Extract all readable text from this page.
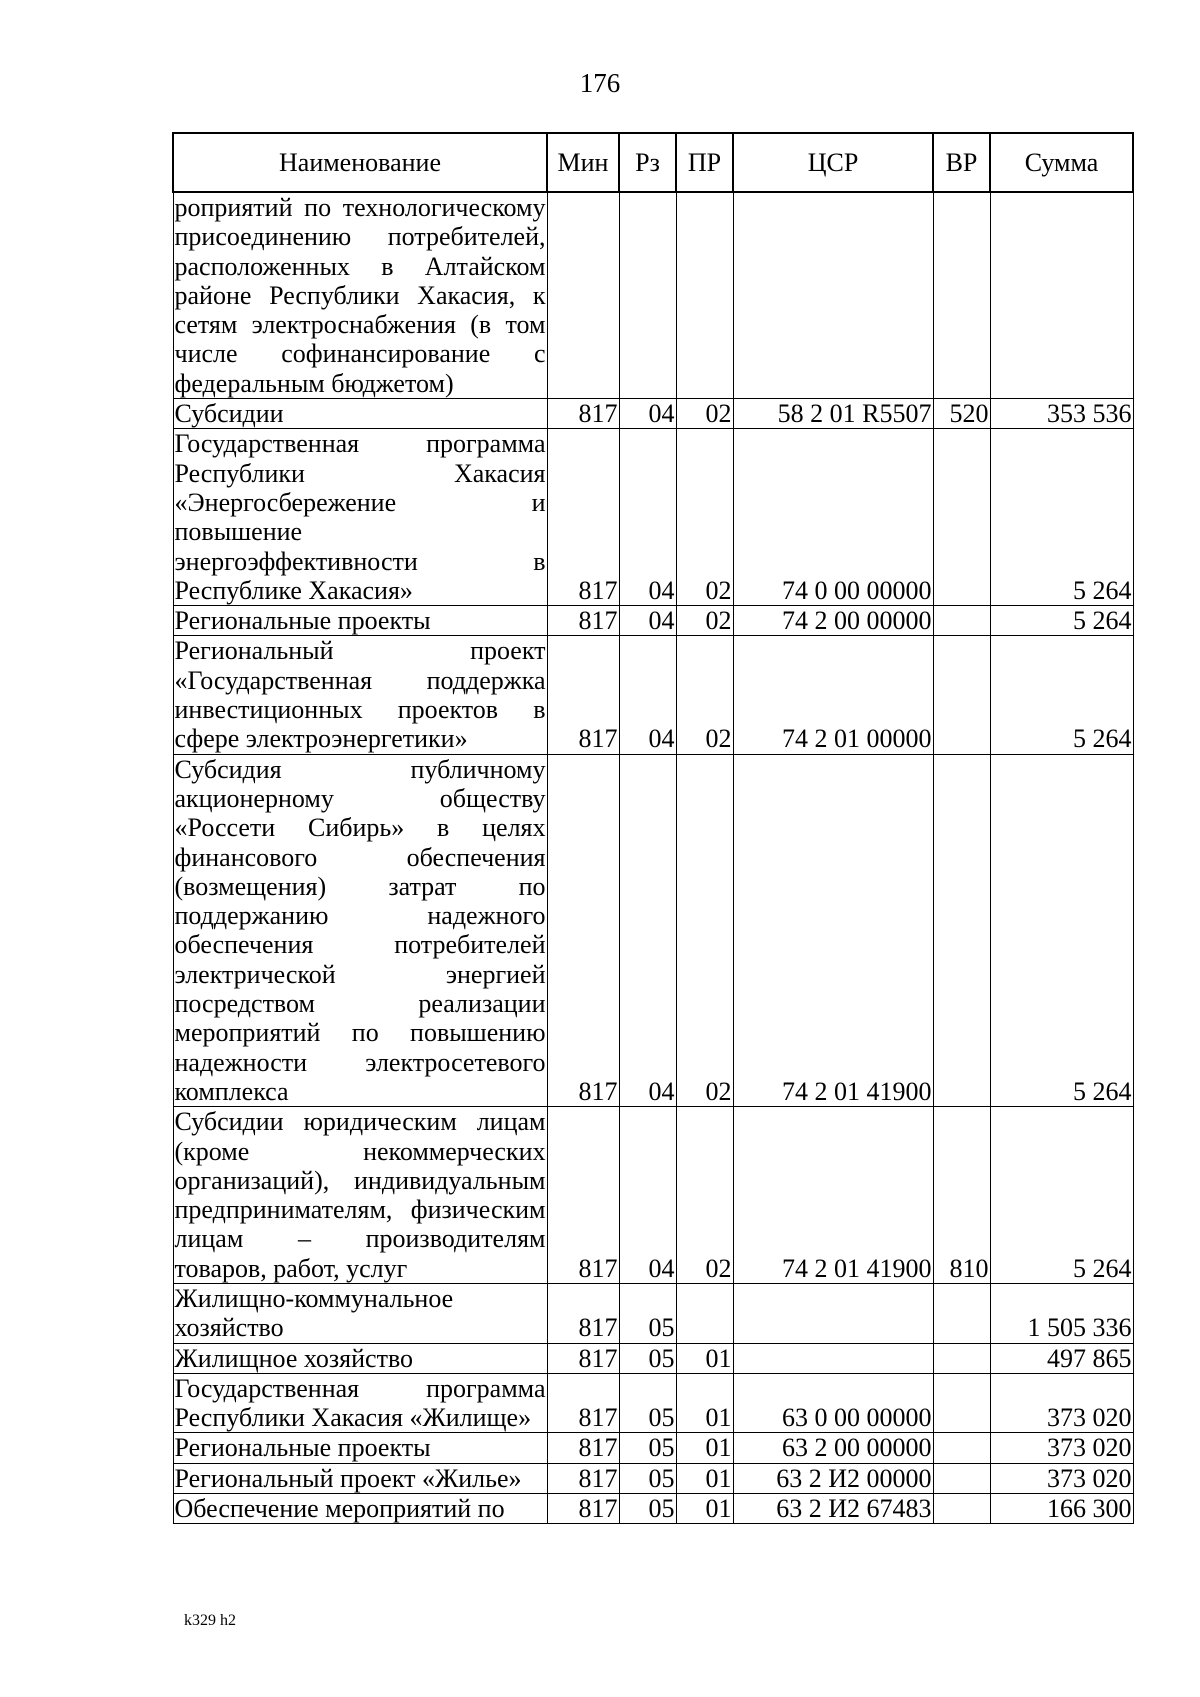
176
Наименование	Мин	Рз	ПР	ЦСР	ВР	Сумма
роприятий по технологическому присоединению потребителей, расположенных в Алтайском районе Республики Хакасия, к сетям электроснабжения (в том числе софинансирование с федеральным бюджетом)						
Субсидии	817	04	02	58 2 01 R5507	520	353 536
Государственная программа Республики Хакасия «Энергосбережение и повышение энергоэффективности в Республике Хакасия»	817	04	02	74 0 00 00000		5 264
Региональные проекты	817	04	02	74 2 00 00000		5 264
Региональный проект «Государственная поддержка инвестиционных проектов в сфере электроэнергетики»	817	04	02	74 2 01 00000		5 264
Субсидия публичному акционерному обществу «Россети Сибирь» в целях финансового обеспечения (возмещения) затрат по поддержанию надежного обеспечения потребителей электрической энергией посредством реализации мероприятий по повышению надежности электросетевого комплекса	817	04	02	74 2 01 41900		5 264
Субсидии юридическим лицам (кроме некоммерческих организаций), индивидуальным предпринимателям, физическим лицам – производителям товаров, работ, услуг	817	04	02	74 2 01 41900	810	5 264
Жилищно-коммунальное хозяйство	817	05				1 505 336
Жилищное хозяйство	817	05	01			497 865
Государственная программа Республики Хакасия «Жилище»	817	05	01	63 0 00 00000		373 020
Региональные проекты	817	05	01	63 2 00 00000		373 020
Региональный проект «Жилье»	817	05	01	63 2 И2 00000		373 020
Обеспечение мероприятий по	817	05	01	63 2 И2 67483		166 300
k329 h2
